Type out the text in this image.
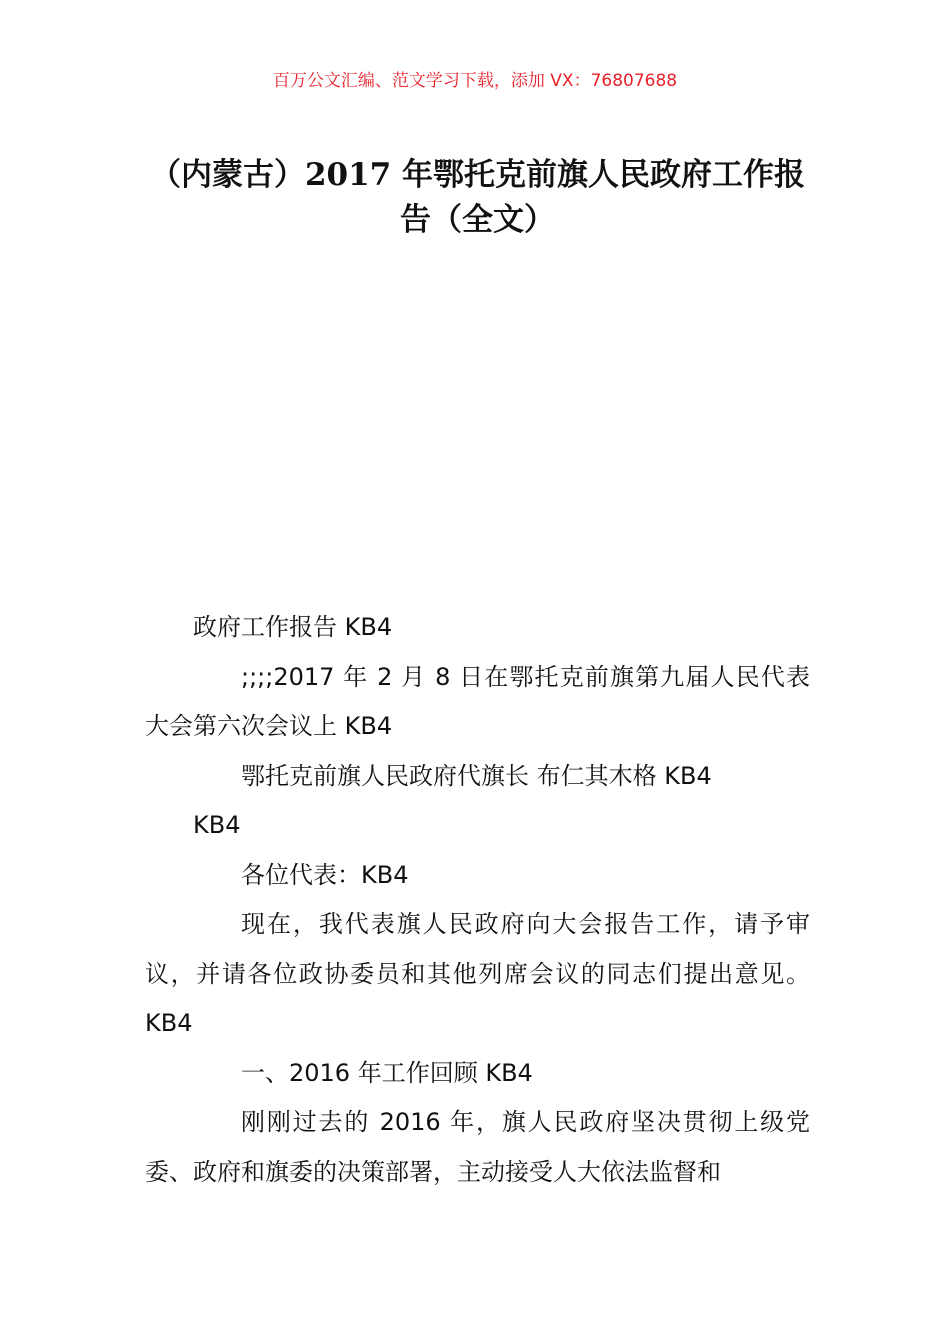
百万公文汇编、范文学习下载，添加 VX：76807688
（内蒙古）2017 年鄂托克前旗人民政府工作报告（全文）

政府工作报告 KB4

;;;;2017 年 2 月 8 日在鄂托克前旗第九届人民代表大会第六次会议上 KB4

鄂托克前旗人民政府代旗长 布仁其木格 KB4

KB4

各位代表：KB4

现在，我代表旗人民政府向大会报告工作，请予审议，并请各位政协委员和其他列席会议的同志们提出意见。KB4

一、2016 年工作回顾 KB4

刚刚过去的 2016 年，旗人民政府坚决贯彻上级党委、政府和旗委的决策部署，主动接受人大依法监督和
